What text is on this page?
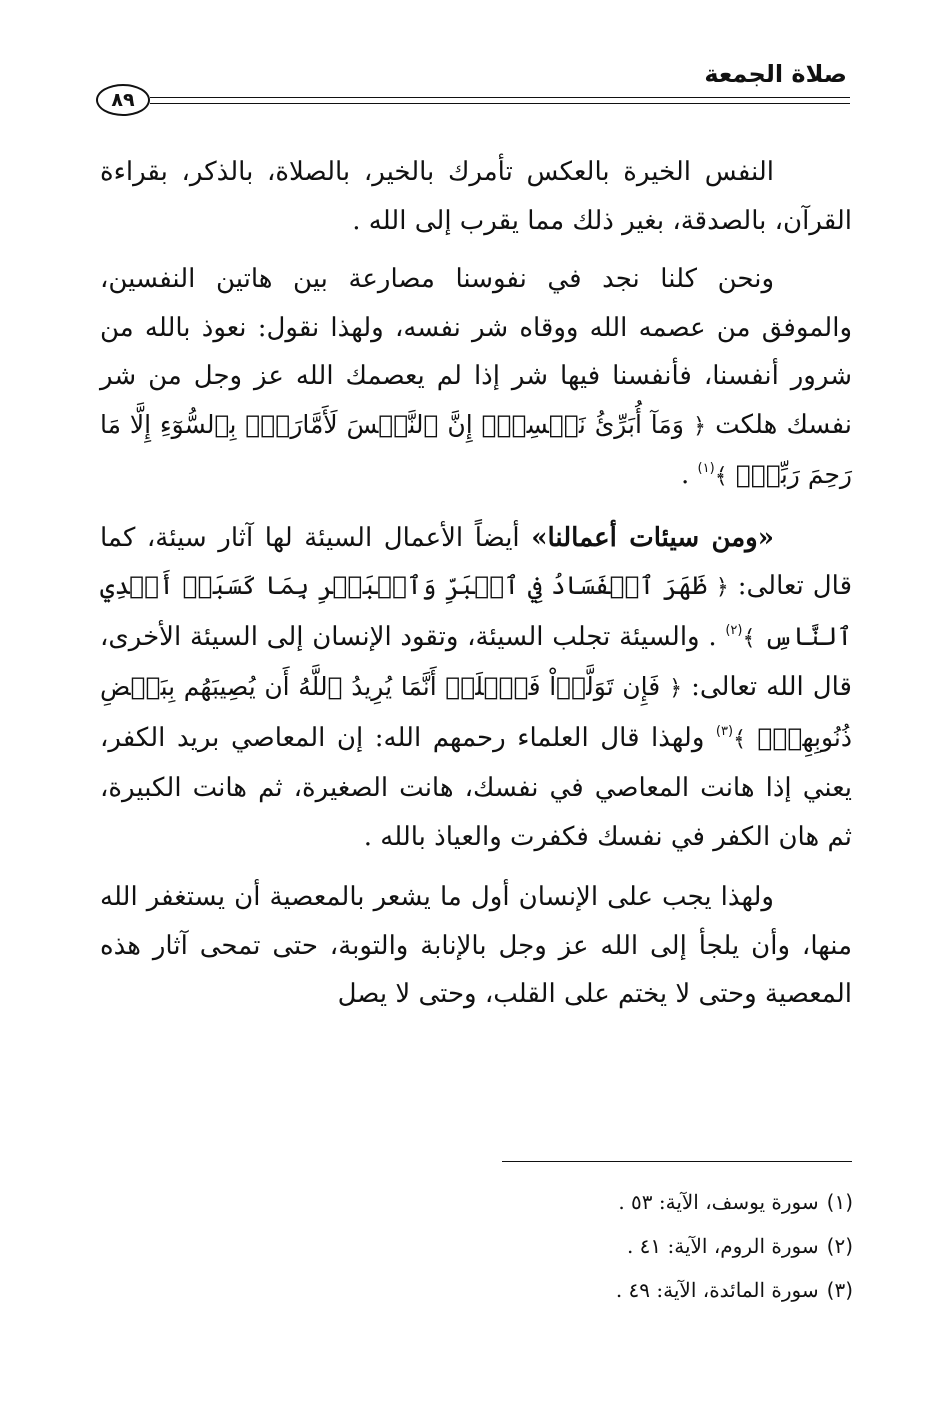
صلاة الجمعة
٨٩

النفس الخيرة بالعكس تأمرك بالخير، بالصلاة، بالذكر، بقراءة القرآن، بالصدقة، بغير ذلك مما يقرب إلى الله .

ونحن كلنا نجد في نفوسنا مصارعة بين هاتين النفسين، والموفق من عصمه الله ووقاه شر نفسه، ولهذا نقول: نعوذ بالله من شرور أنفسنا، فأنفسنا فيها شر إذا لم يعصمك الله عز وجل من شر نفسك هلكت ﴿ وَمَآ أُبَرِّئُ نَفۡسِيٓۚ إِنَّ ٱلنَّفۡسَ لَأَمَّارَةُۢ بِٱلسُّوٓءِ إِلَّا مَا رَحِمَ رَبِّيٓۚ ﴾$^{(١)}$ .

«ومن سيئات أعمالنا» أيضاً الأعمال السيئة لها آثار سيئة، كما قال تعالى: ﴿ ظَهَرَ ٱلۡفَسَادُ فِي ٱلۡبَرِّ وَٱلۡبَحۡرِ بِمَا كَسَبَتۡ أَيۡدِي ٱلنَّاسِ ﴾$^{(٢)}$ . والسيئة تجلب السيئة، وتقود الإنسان إلى السيئة الأخرى، قال الله تعالى: ﴿ فَإِن تَوَلَّوۡاْ فَٱعۡلَمۡ أَنَّمَا يُرِيدُ ٱللَّهُ أَن يُصِيبَهُم بِبَعۡضِ ذُنُوبِهِمۡۗ ﴾$^{(٣)}$ ولهذا قال العلماء رحمهم الله: إن المعاصي بريد الكفر، يعني إذا هانت المعاصي في نفسك، هانت الصغيرة، ثم هانت الكبيرة، ثم هان الكفر في نفسك فكفرت والعياذ بالله .

ولهذا يجب على الإنسان أول ما يشعر بالمعصية أن يستغفر الله منها، وأن يلجأ إلى الله عز وجل بالإنابة والتوبة، حتى تمحى آثار هذه المعصية وحتى لا يختم على القلب، وحتى لا يصل

(١)سورة يوسف، الآية: ٥٣ .
(٢)سورة الروم، الآية: ٤١ .
(٣)سورة المائدة، الآية: ٤٩ .
